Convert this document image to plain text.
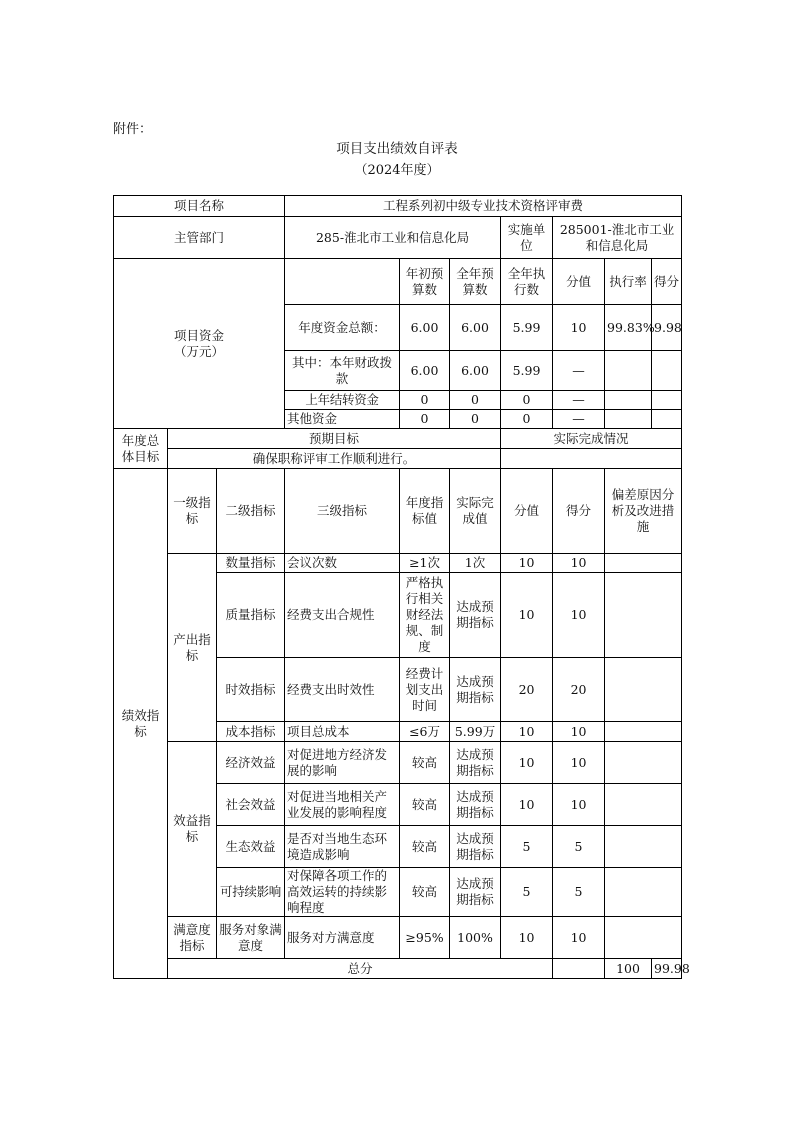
附件：
项目支出绩效自评表
（2024年度）
项目名称			工程系列初中级专业技术资格评审费							
主管部门			285-淮北市工业和信息化局			实施单位	285001-淮北市工业和信息化局			

项目资金
（万元）				年初预算数	全年预算数	全年执行数	分值	执行率	得分	
			年度资金总额：	6.00	6.00	5.99	10	99.83%	9.98	
			其中：本年财政拨款	6.00	6.00	5.99	—			
			上年结转资金	0	0	0	—			
			其他资金	0	0	0	—			
年度总体目标	预期目标					实际完成情况				
	确保职称评审工作顺利进行。									
绩效指标	一级指标	二级指标	三级指标	年度指标值	实际完成值	分值	得分	偏差原因分析及改进措施		
	产出指标	数量指标	会议次数	≥1次	1次	10	10			
		质量指标	经费支出合规性	严格执行相关财经法规、制度	达成预期指标	10	10			
		时效指标	经费支出时效性	经费计划支出时间	达成预期指标	20	20			
		成本指标	项目总成本	≤6万	5.99万	10	10			
	效益指标	经济效益	对促进地方经济发展的影响	较高	达成预期指标	10	10			
		社会效益	对促进当地相关产业发展的影响程度	较高	达成预期指标	10	10			
		生态效益	是否对当地生态环境造成影响	较高	达成预期指标	5	5			
		可持续影响	对保障各项工作的高效运转的持续影响程度	较高	达成预期指标	5	5			
	满意度指标	服务对象满意度	服务对方满意度	≥95%	100%	10	10			
	总分							100	99.98	
